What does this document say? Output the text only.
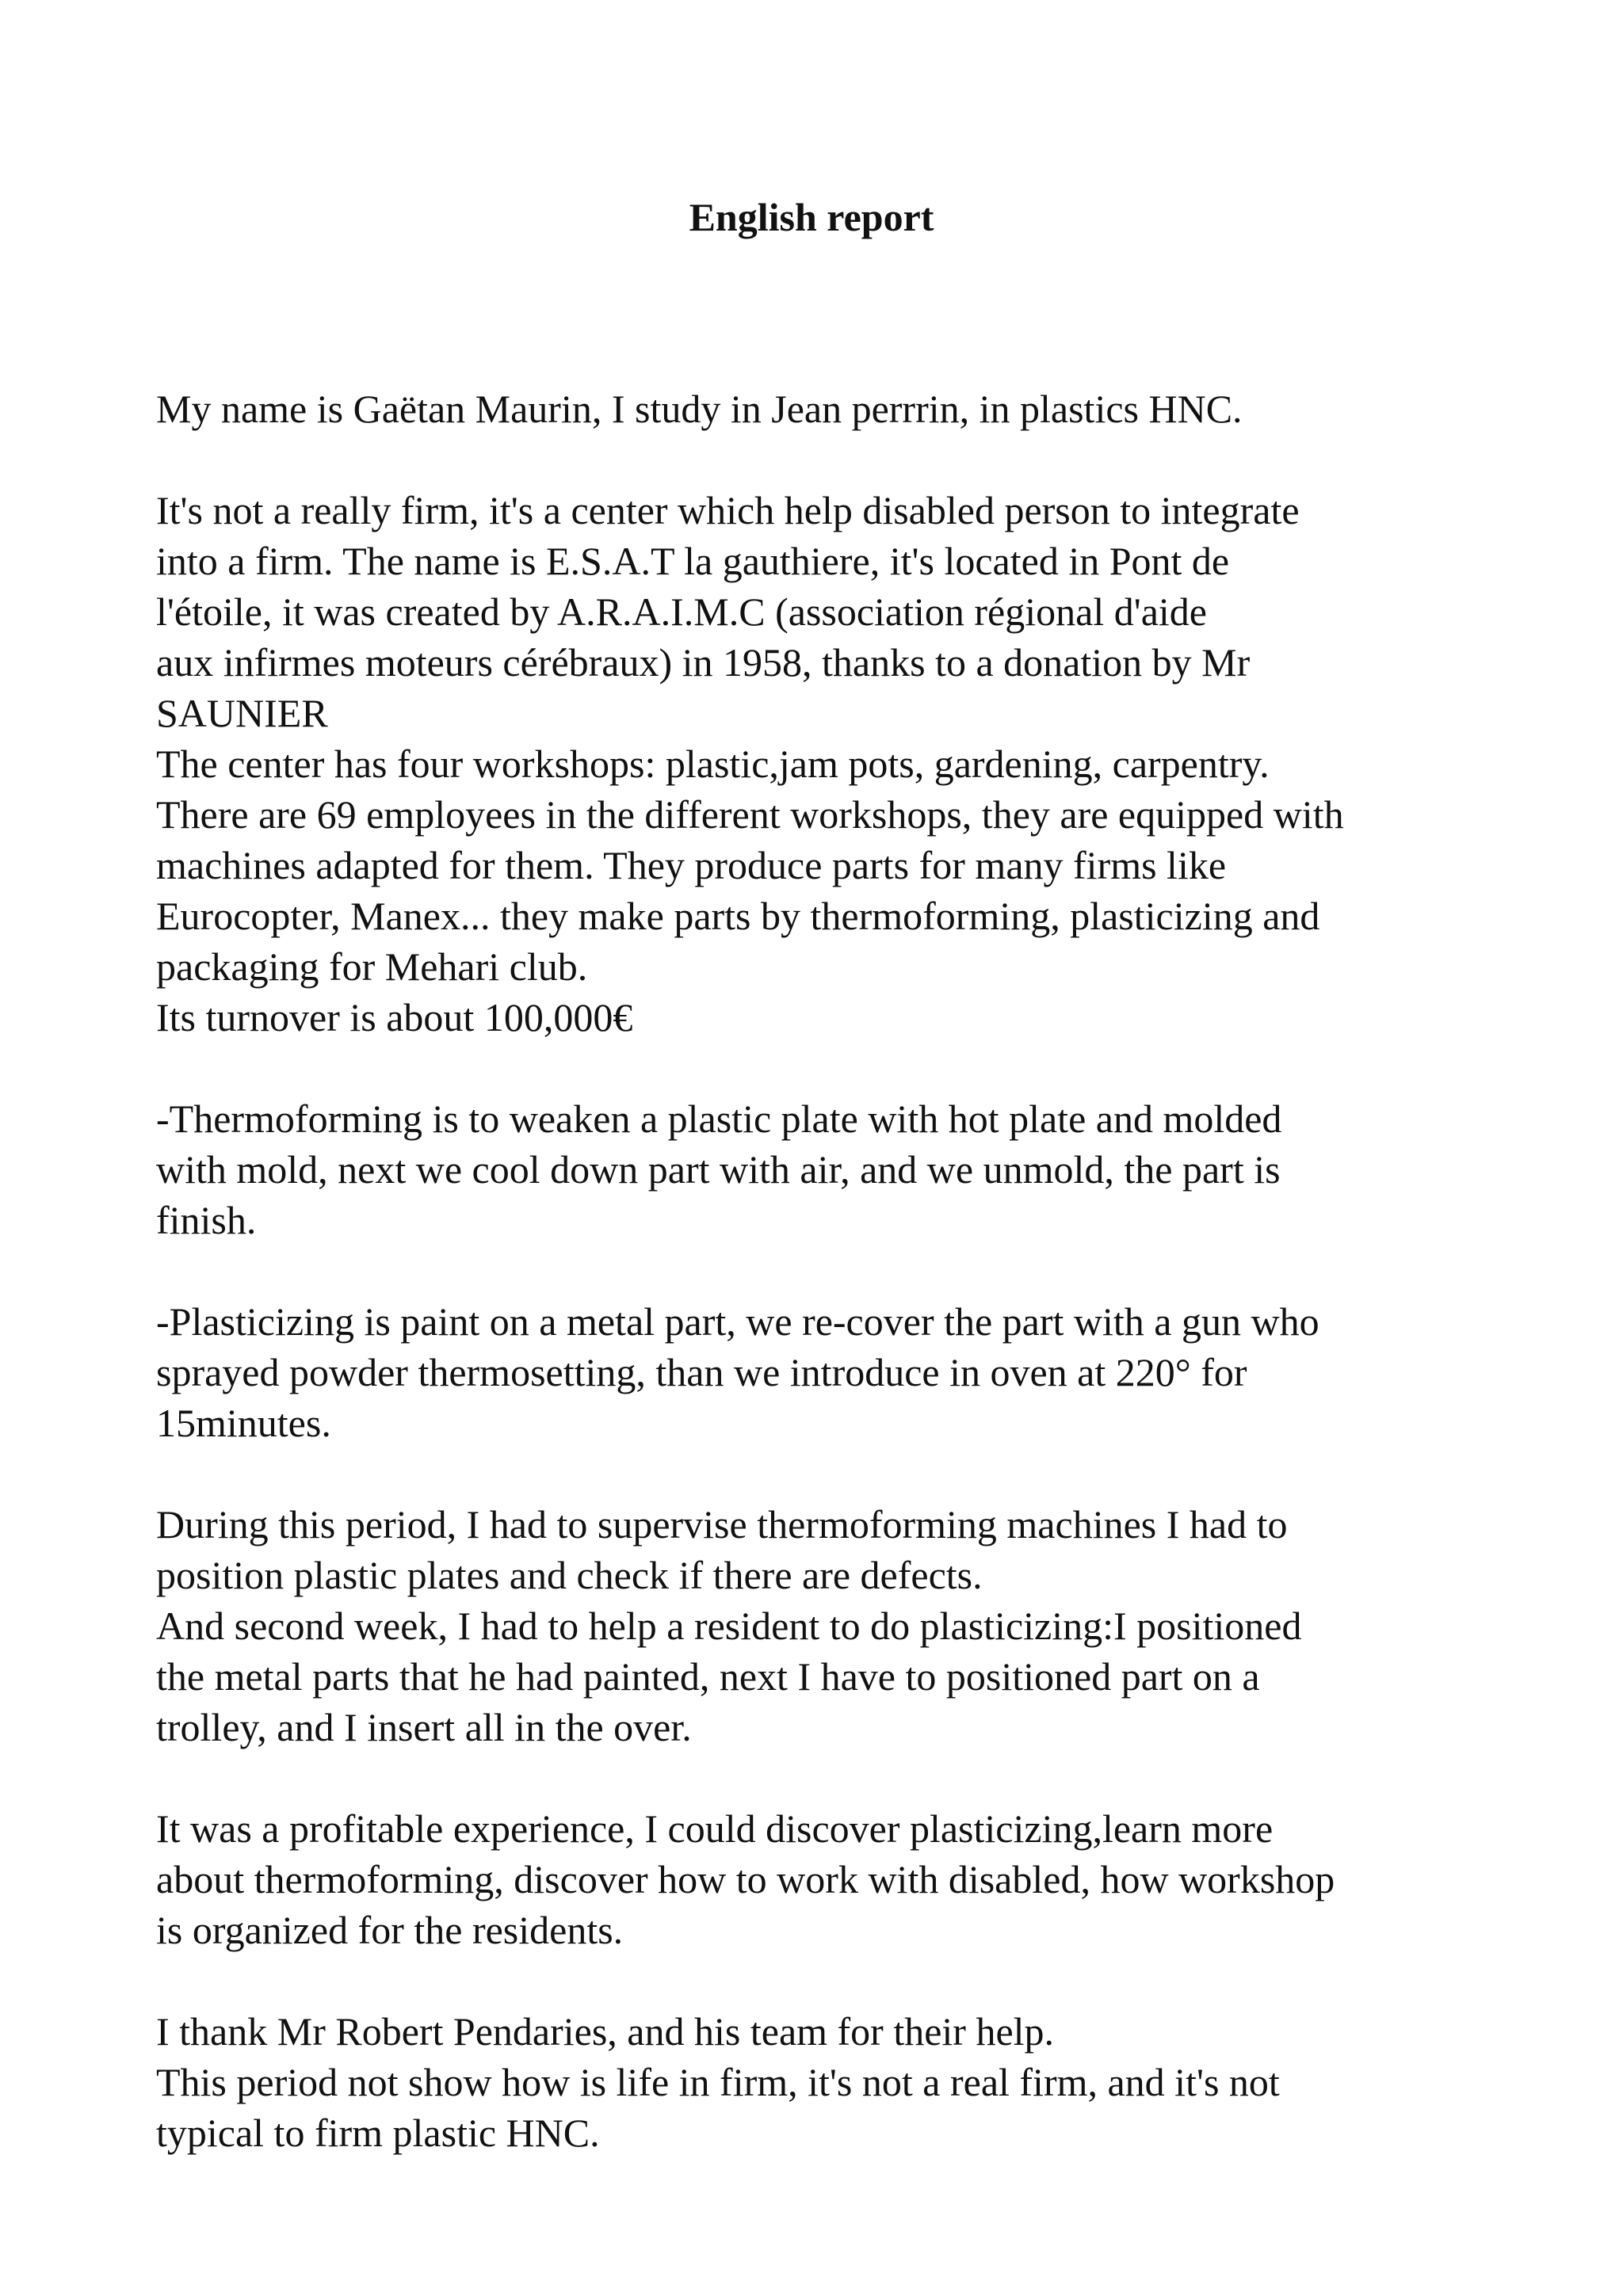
English report
My name is Gaëtan Maurin, I study in Jean perrrin, in plastics HNC.
It's not a really firm, it's a center which help disabled person to integrate
into a firm. The name is E.S.A.T la gauthiere, it's located in Pont de
l'étoile, it was created by A.R.A.I.M.C (association régional d'aide
aux infirmes moteurs cérébraux) in 1958, thanks to a donation by Mr
SAUNIER
The center has four workshops: plastic,jam pots, gardening, carpentry.
There are 69 employees in the different workshops, they are equipped with
machines adapted for them. They produce parts for many firms like
Eurocopter, Manex... they make parts by thermoforming, plasticizing and
packaging for Mehari club.
Its turnover is about 100,000€
-Thermoforming is to weaken a plastic plate with hot plate and molded
with mold, next we cool down part with air, and we unmold, the part is
finish.
-Plasticizing is paint on a metal part, we re-cover the part with a gun who
sprayed powder thermosetting, than we introduce in oven at 220° for
15minutes.
During this period, I had to supervise thermoforming machines I had to
position plastic plates and check if there are defects.
And second week, I had to help a resident to do plasticizing:I positioned
the metal parts that he had painted, next I have to positioned part on a
trolley, and I insert all in the over.
It was a profitable experience, I could discover plasticizing,learn more
about thermoforming, discover how to work with disabled, how workshop
is organized for the residents.
I thank Mr Robert Pendaries, and his team for their help.
This period not show how is life in firm, it's not a real firm, and it's not
typical to firm plastic HNC.
